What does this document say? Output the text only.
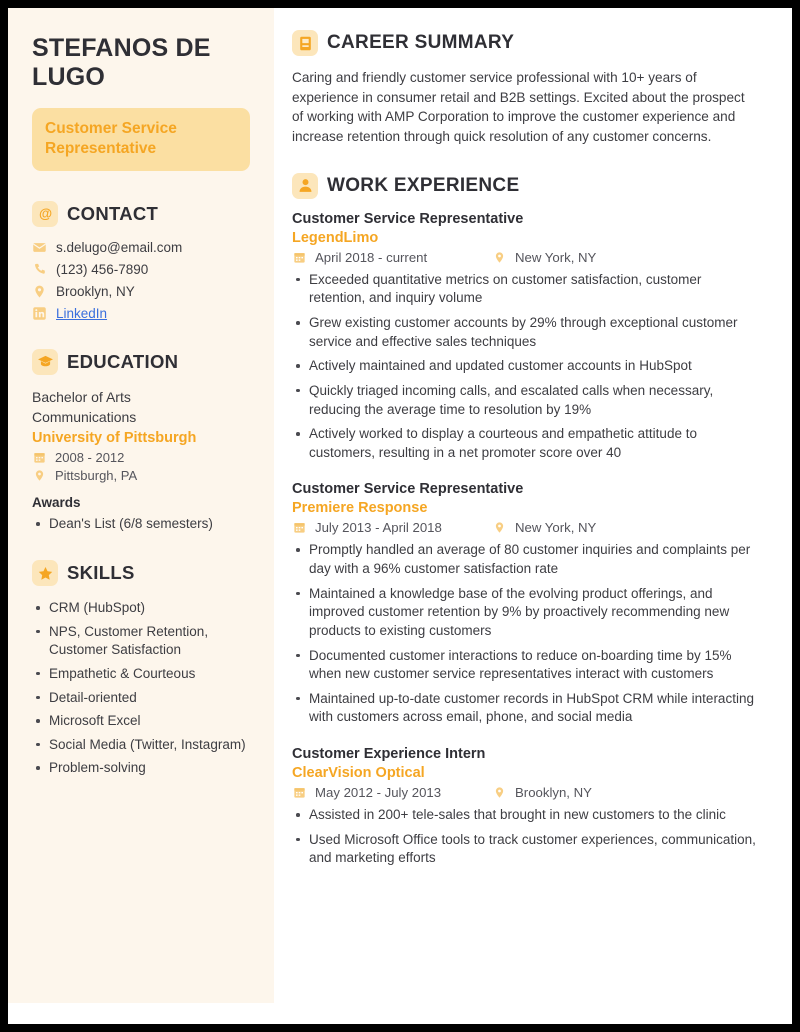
STEFANOS DE LUGO
Customer Service Representative
@ CONTACT
s.delugo@email.com
(123) 456-7890
Brooklyn, NY
LinkedIn
EDUCATION
Bachelor of Arts
Communications
University of Pittsburgh
2008 - 2012
Pittsburgh, PA
Awards
Dean's List (6/8 semesters)
SKILLS
CRM (HubSpot)
NPS, Customer Retention, Customer Satisfaction
Empathetic & Courteous
Detail-oriented
Microsoft Excel
Social Media (Twitter, Instagram)
Problem-solving
CAREER SUMMARY

Caring and friendly customer service professional with 10+ years of experience in consumer retail and B2B settings. Excited about the prospect of working with AMP Corporation to improve the customer experience and increase retention through quick resolution of any customer concerns.

WORK EXPERIENCE
Customer Service Representative
LegendLimo
April 2018 - current	New York, NY
Exceeded quantitative metrics on customer satisfaction, customer retention, and inquiry volume
Grew existing customer accounts by 29% through exceptional customer service and effective sales techniques
Actively maintained and updated customer accounts in HubSpot
Quickly triaged incoming calls, and escalated calls when necessary, reducing the average time to resolution by 19%
Actively worked to display a courteous and empathetic attitude to customers, resulting in a net promoter score over 40
Customer Service Representative
Premiere Response
July 2013 - April 2018	New York, NY
Promptly handled an average of 80 customer inquiries and complaints per day with a 96% customer satisfaction rate
Maintained a knowledge base of the evolving product offerings, and improved customer retention by 9% by proactively recommending new products to existing customers
Documented customer interactions to reduce on-boarding time by 15% when new customer service representatives interact with customers
Maintained up-to-date customer records in HubSpot CRM while interacting with customers across email, phone, and social media
Customer Experience Intern
ClearVision Optical
May 2012 - July 2013	Brooklyn, NY
Assisted in 200+ tele-sales that brought in new customers to the clinic
Used Microsoft Office tools to track customer experiences, communication, and marketing efforts
